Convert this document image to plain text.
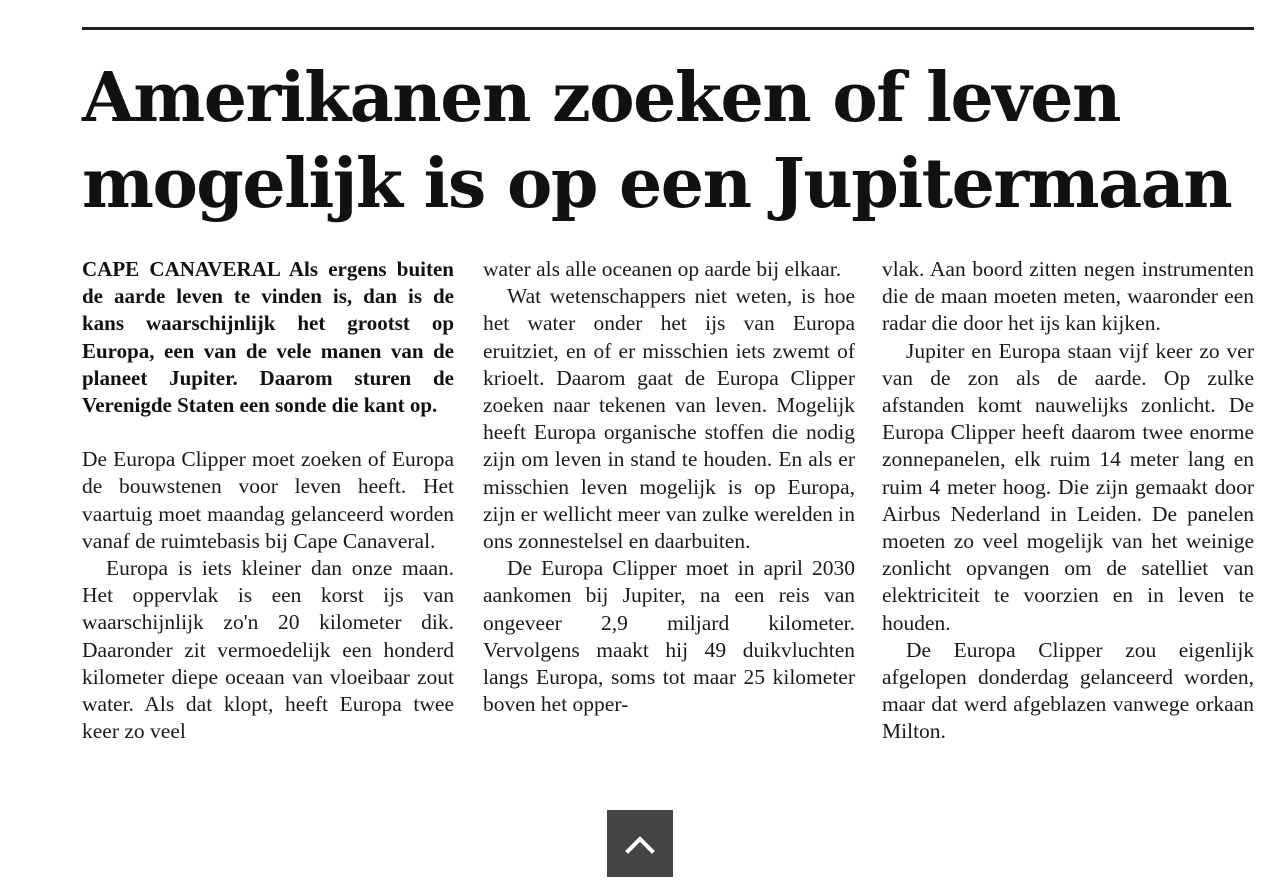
Amerikanen zoeken of leven
mogelijk is op een Jupitermaan

CAPE CANAVERAL Als ergens buiten de aarde leven te vinden is, dan is de kans waarschijnlijk het grootst op Europa, een van de vele manen van de planeet Jupiter. Daarom sturen de Verenigde Staten een sonde die kant op.

De Europa Clipper moet zoeken of Europa de bouwstenen voor leven heeft. Het vaartuig moet maandag gelanceerd worden vanaf de ruimtebasis bij Cape Canaveral.

Europa is iets kleiner dan onze maan. Het oppervlak is een korst ijs van waarschijnlijk zo'n 20 kilometer dik. Daaronder zit vermoedelijk een honderd kilometer diepe oceaan van vloeibaar zout water. Als dat klopt, heeft Europa twee keer zo veel

water als alle oceanen op aarde bij elkaar.

Wat wetenschappers niet weten, is hoe het water onder het ijs van Europa eruitziet, en of er misschien iets zwemt of krioelt. Daarom gaat de Europa Clipper zoeken naar tekenen van leven. Mogelijk heeft Europa organische stoffen die nodig zijn om leven in stand te houden. En als er misschien leven mogelijk is op Europa, zijn er wellicht meer van zulke werelden in ons zonnestelsel en daarbuiten.

De Europa Clipper moet in april 2030 aankomen bij Jupiter, na een reis van ongeveer 2,9 miljard kilometer. Vervolgens maakt hij 49 duikvluchten langs Europa, soms tot maar 25 kilometer boven het opper-

vlak. Aan boord zitten negen instrumenten die de maan moeten meten, waaronder een radar die door het ijs kan kijken.

Jupiter en Europa staan vijf keer zo ver van de zon als de aarde. Op zulke afstanden komt nauwelijks zonlicht. De Europa Clipper heeft daarom twee enorme zonnepanelen, elk ruim 14 meter lang en ruim 4 meter hoog. Die zijn gemaakt door Airbus Nederland in Leiden. De panelen moeten zo veel mogelijk van het weinige zonlicht opvangen om de satelliet van elektriciteit te voorzien en in leven te houden.

De Europa Clipper zou eigenlijk afgelopen donderdag gelanceerd worden, maar dat werd afgeblazen vanwege orkaan Milton.
